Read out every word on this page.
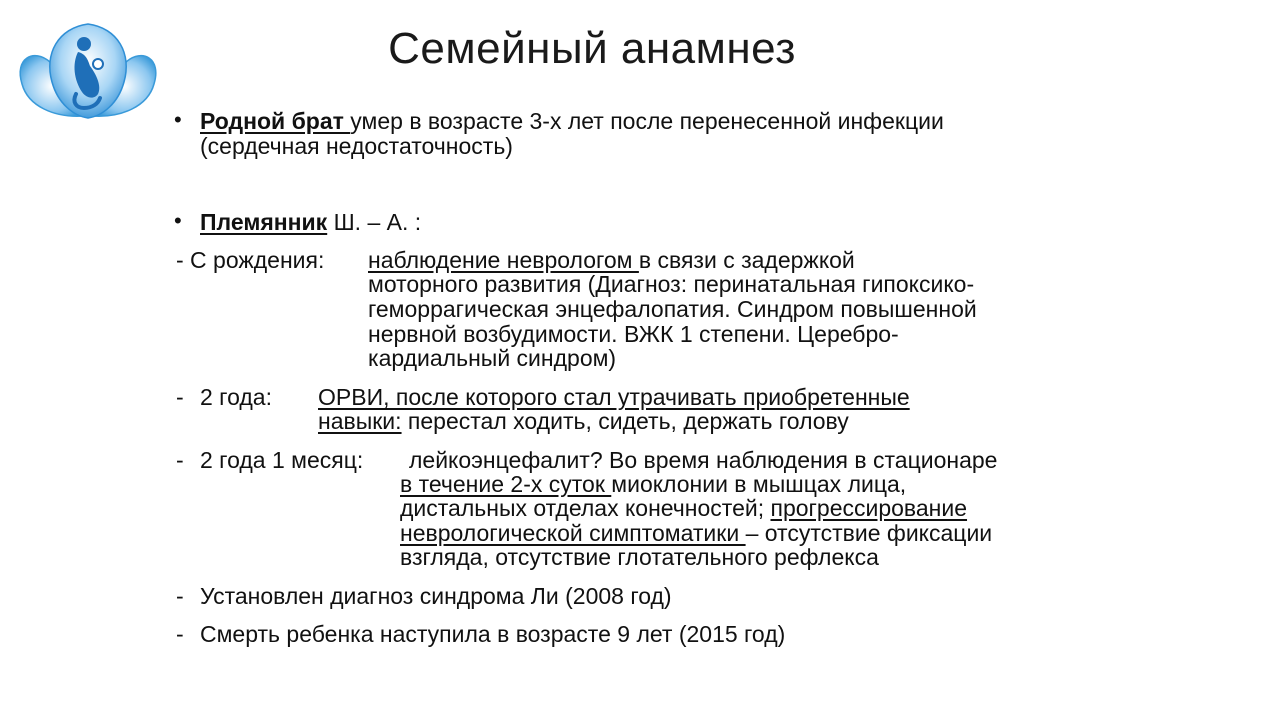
Семейный анамнез
• Родной брат умер в возрасте 3-х лет после перенесенной инфекции
(сердечная недостаточность)
• Племянник Ш. – А. :
- С рождения: наблюдение неврологом в связи с задержкой
моторного развития (Диагноз: перинатальная гипоксико-
геморрагическая энцефалопатия. Синдром повышенной
нервной возбудимости. ВЖК 1 степени. Церебро-
кардиальный синдром)
- 2 года: ОРВИ, после которого стал утрачивать приобретенные
навыки: перестал ходить, сидеть, держать голову
- 2 года 1 месяц: лейкоэнцефалит? Во время наблюдения в стационаре
в течение 2-х суток миоклонии в мышцах лица,
дистальных отделах конечностей; прогрессирование
неврологической симптоматики – отсутствие фиксации
взгляда, отсутствие глотательного рефлекса
- Установлен диагноз синдрома Ли (2008 год)
- Смерть ребенка наступила в возрасте 9 лет (2015 год)
